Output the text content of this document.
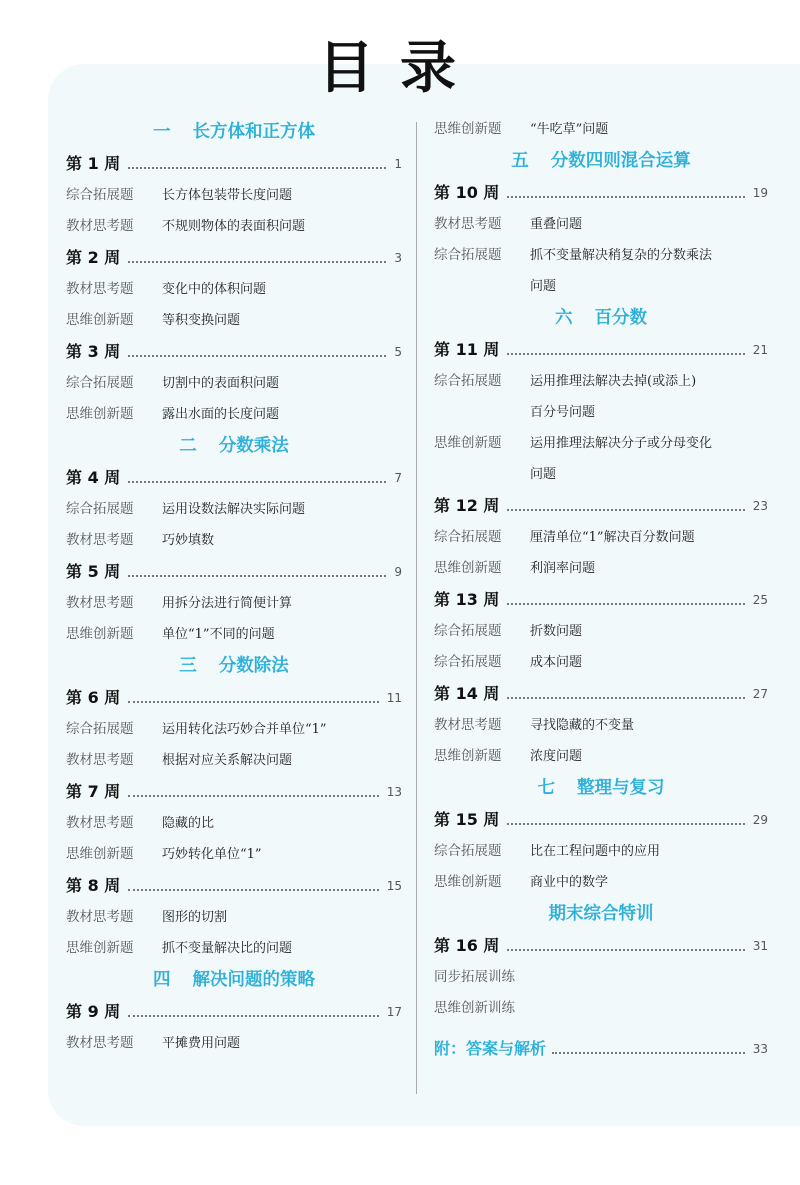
目录
一 长方体和正方体
第 1 周	1
综合拓展题	长方体包装带长度问题
教材思考题	不规则物体的表面积问题
第 2 周	3
教材思考题	变化中的体积问题
思维创新题	等积变换问题
第 3 周	5
综合拓展题	切割中的表面积问题
思维创新题	露出水面的长度问题
二 分数乘法
第 4 周	7
综合拓展题	运用设数法解决实际问题
教材思考题	巧妙填数
第 5 周	9
教材思考题	用拆分法进行简便计算
思维创新题	单位“1”不同的问题
三 分数除法
第 6 周	11
综合拓展题	运用转化法巧妙合并单位“1”
教材思考题	根据对应关系解决问题
第 7 周	13
教材思考题	隐藏的比
思维创新题	巧妙转化单位“1”
第 8 周	15
教材思考题	图形的切割
思维创新题	抓不变量解决比的问题
四 解决问题的策略
第 9 周	17
教材思考题	平摊费用问题
思维创新题	“牛吃草”问题
五 分数四则混合运算
第 10 周	19
教材思考题	重叠问题
综合拓展题	抓不变量解决稍复杂的分数乘法
问题
六 百分数
第 11 周	21
综合拓展题	运用推理法解决去掉(或添上)
百分号问题
思维创新题	运用推理法解决分子或分母变化
问题
第 12 周	23
综合拓展题	厘清单位“1”解决百分数问题
思维创新题	利润率问题
第 13 周	25
综合拓展题	折数问题
综合拓展题	成本问题
第 14 周	27
教材思考题	寻找隐藏的不变量
思维创新题	浓度问题
七 整理与复习
第 15 周	29
综合拓展题	比在工程问题中的应用
思维创新题	商业中的数学
期末综合特训
第 16 周	31
同步拓展训练
思维创新训练
附：答案与解析	33
